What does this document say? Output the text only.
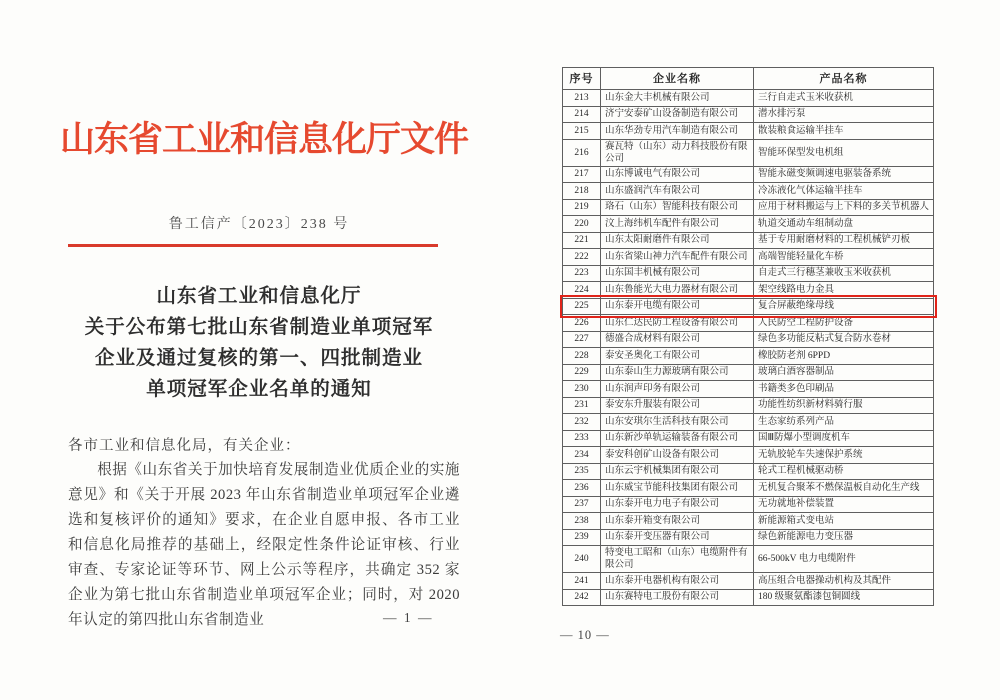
山东省工业和信息化厅文件
鲁工信产〔2023〕238 号
山东省工业和信息化厅
关于公布第七批山东省制造业单项冠军
企业及通过复核的第一、四批制造业
单项冠军企业名单的通知
各市工业和信息化局，有关企业：

根据《山东省关于加快培育发展制造业优质企业的实施意见》和《关于开展 2023 年山东省制造业单项冠军企业遴选和复核评价的通知》要求，在企业自愿申报、各市工业和信息化局推荐的基础上，经限定性条件论证审核、行业审查、专家论证等环节、网上公示等程序，共确定 352 家企业为第七批山东省制造业单项冠军企业；同时，对 2020 年认定的第四批山东省制造业	— 1 —
序号	企业名称	产品名称
213	山东金大丰机械有限公司	三行自走式玉米收获机
214	济宁安泰矿山设备制造有限公司	潜水排污泵
215	山东华劲专用汽车制造有限公司	散装粮食运输半挂车
216	赛瓦特（山东）动力科技股份有限公司	智能环保型发电机组
217	山东博诚电气有限公司	智能永磁变频调速电驱装备系统
218	山东盛润汽车有限公司	冷冻液化气体运输半挂车
219	珞石（山东）智能科技有限公司	应用于材料搬运与上下料的多关节机器人
220	汶上海纬机车配件有限公司	轨道交通动车组制动盘
221	山东太阳耐磨件有限公司	基于专用耐磨材料的工程机械铲刃板
222	山东省梁山神力汽车配件有限公司	高端智能轻量化车桥
223	山东国丰机械有限公司	自走式三行穗茎兼收玉米收获机
224	山东鲁能光大电力器材有限公司	架空线路电力金具
225	山东泰开电缆有限公司	复合屏蔽绝缘母线
226	山东仁达民防工程设备有限公司	人民防空工程防护设备
227	德盛合成材料有限公司	绿色多功能反粘式复合防水卷材
228	泰安圣奥化工有限公司	橡胶防老剂 6PPD
229	山东泰山生力源玻璃有限公司	玻璃白酒容器制品
230	山东润声印务有限公司	书籍类多色印刷品
231	泰安东升服装有限公司	功能性纺织新材料骑行服
232	山东安琪尔生活科技有限公司	生态家纺系列产品
233	山东新沙单轨运输装备有限公司	国Ⅲ防爆小型调度机车
234	泰安科创矿山设备有限公司	无轨胶轮车失速保护系统
235	山东云宇机械集团有限公司	轮式工程机械驱动桥
236	山东威宝节能科技集团有限公司	无机复合聚苯不燃保温板自动化生产线
237	山东泰开电力电子有限公司	无功就地补偿装置
238	山东泰开箱变有限公司	新能源箱式变电站
239	山东泰开变压器有限公司	绿色新能源电力变压器
240	特变电工昭和（山东）电缆附件有限公司	66-500kV 电力电缆附件
241	山东泰开电器机构有限公司	高压组合电器操动机构及其配件
242	山东赛特电工股份有限公司	180 级聚氨酯漆包铜圆线
— 10 —
